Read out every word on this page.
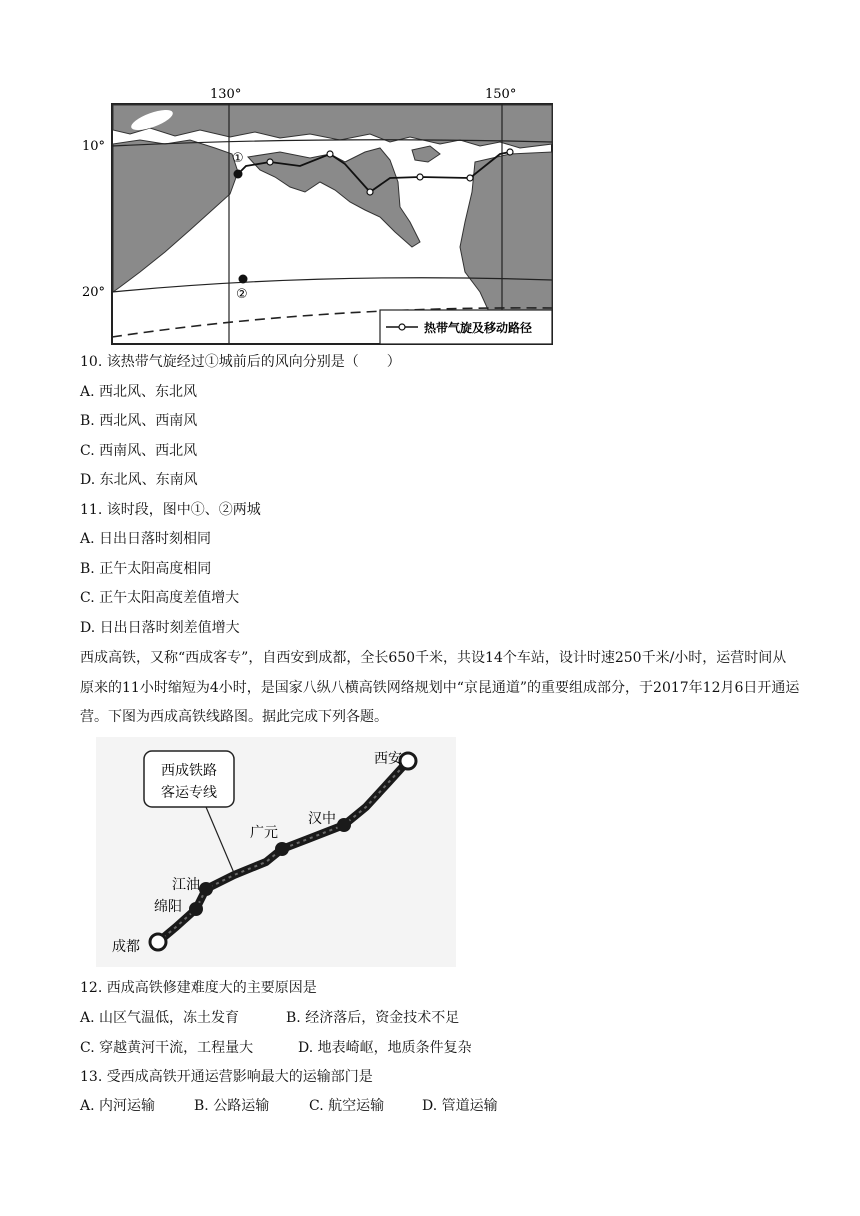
130°	150°
10°
20°
①
②
热带气旋及移动路径
10. 该热带气旋经过①城前后的风向分别是（　　）
A. 西北风、东北风
B. 西北风、西南风
C. 西南风、西北风
D. 东北风、东南风
11. 该时段，图中①、②两城
A. 日出日落时刻相同
B. 正午太阳高度相同
C. 正午太阳高度差值增大
D. 日出日落时刻差值增大
西成高铁，又称“西成客专”，自西安到成都，全长650千米，共设14个车站，设计时速250千米/小时，运营时间从原来的11小时缩短为4小时，是国家八纵八横高铁网络规划中“京昆通道”的重要组成部分，于2017年12月6日开通运营。下图为西成高铁线路图。据此完成下列各题。
西成铁路
客运专线
西安
汉中
广元
江油
绵阳
成都
12. 西成高铁修建难度大的主要原因是
A. 山区气温低，冻土发育	B. 经济落后，资金技术不足
C. 穿越黄河干流，工程量大	D. 地表崎岖，地质条件复杂
13. 受西成高铁开通运营影响最大的运输部门是
A. 内河运输	B. 公路运输	C. 航空运输	D. 管道运输
